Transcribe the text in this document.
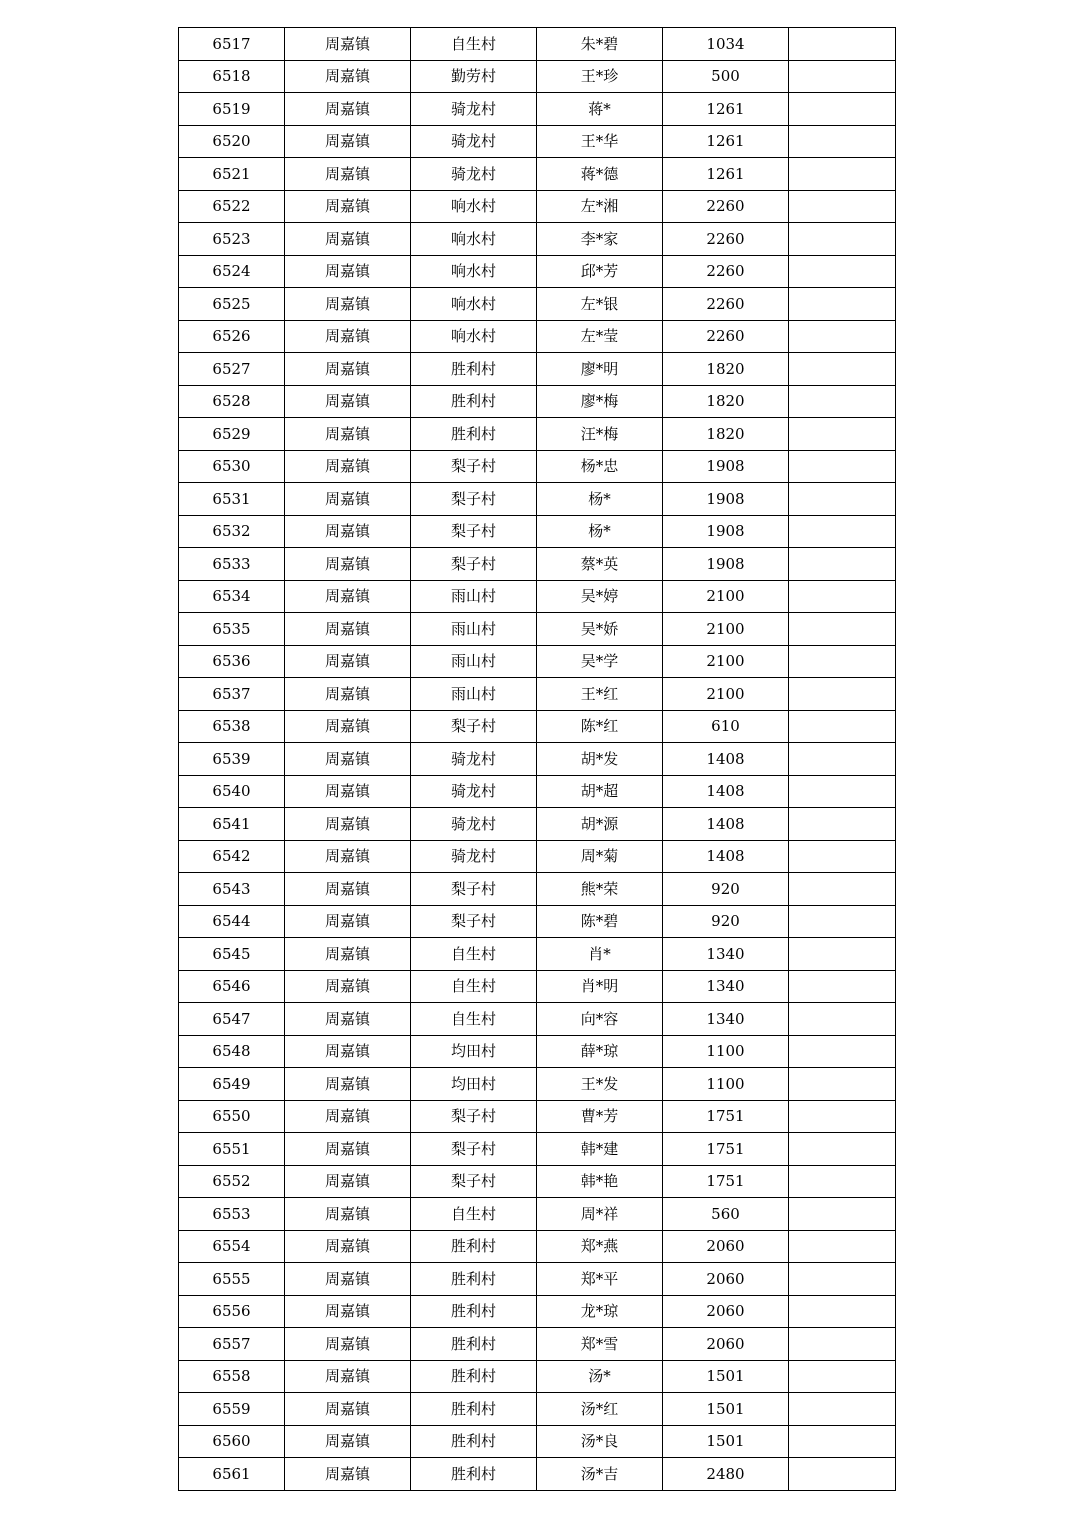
6517	周嘉镇	自生村	朱*碧	1034	
6518	周嘉镇	勤劳村	王*珍	500	
6519	周嘉镇	骑龙村	蒋*	1261	
6520	周嘉镇	骑龙村	王*华	1261	
6521	周嘉镇	骑龙村	蒋*德	1261	
6522	周嘉镇	响水村	左*湘	2260	
6523	周嘉镇	响水村	李*家	2260	
6524	周嘉镇	响水村	邱*芳	2260	
6525	周嘉镇	响水村	左*银	2260	
6526	周嘉镇	响水村	左*莹	2260	
6527	周嘉镇	胜利村	廖*明	1820	
6528	周嘉镇	胜利村	廖*梅	1820	
6529	周嘉镇	胜利村	汪*梅	1820	
6530	周嘉镇	梨子村	杨*忠	1908	
6531	周嘉镇	梨子村	杨*	1908	
6532	周嘉镇	梨子村	杨*	1908	
6533	周嘉镇	梨子村	蔡*英	1908	
6534	周嘉镇	雨山村	吴*婷	2100	
6535	周嘉镇	雨山村	吴*娇	2100	
6536	周嘉镇	雨山村	吴*学	2100	
6537	周嘉镇	雨山村	王*红	2100	
6538	周嘉镇	梨子村	陈*红	610	
6539	周嘉镇	骑龙村	胡*发	1408	
6540	周嘉镇	骑龙村	胡*超	1408	
6541	周嘉镇	骑龙村	胡*源	1408	
6542	周嘉镇	骑龙村	周*菊	1408	
6543	周嘉镇	梨子村	熊*荣	920	
6544	周嘉镇	梨子村	陈*碧	920	
6545	周嘉镇	自生村	肖*	1340	
6546	周嘉镇	自生村	肖*明	1340	
6547	周嘉镇	自生村	向*容	1340	
6548	周嘉镇	均田村	薛*琼	1100	
6549	周嘉镇	均田村	王*发	1100	
6550	周嘉镇	梨子村	曹*芳	1751	
6551	周嘉镇	梨子村	韩*建	1751	
6552	周嘉镇	梨子村	韩*艳	1751	
6553	周嘉镇	自生村	周*祥	560	
6554	周嘉镇	胜利村	郑*燕	2060	
6555	周嘉镇	胜利村	郑*平	2060	
6556	周嘉镇	胜利村	龙*琼	2060	
6557	周嘉镇	胜利村	郑*雪	2060	
6558	周嘉镇	胜利村	汤*	1501	
6559	周嘉镇	胜利村	汤*红	1501	
6560	周嘉镇	胜利村	汤*良	1501	
6561	周嘉镇	胜利村	汤*吉	2480	
